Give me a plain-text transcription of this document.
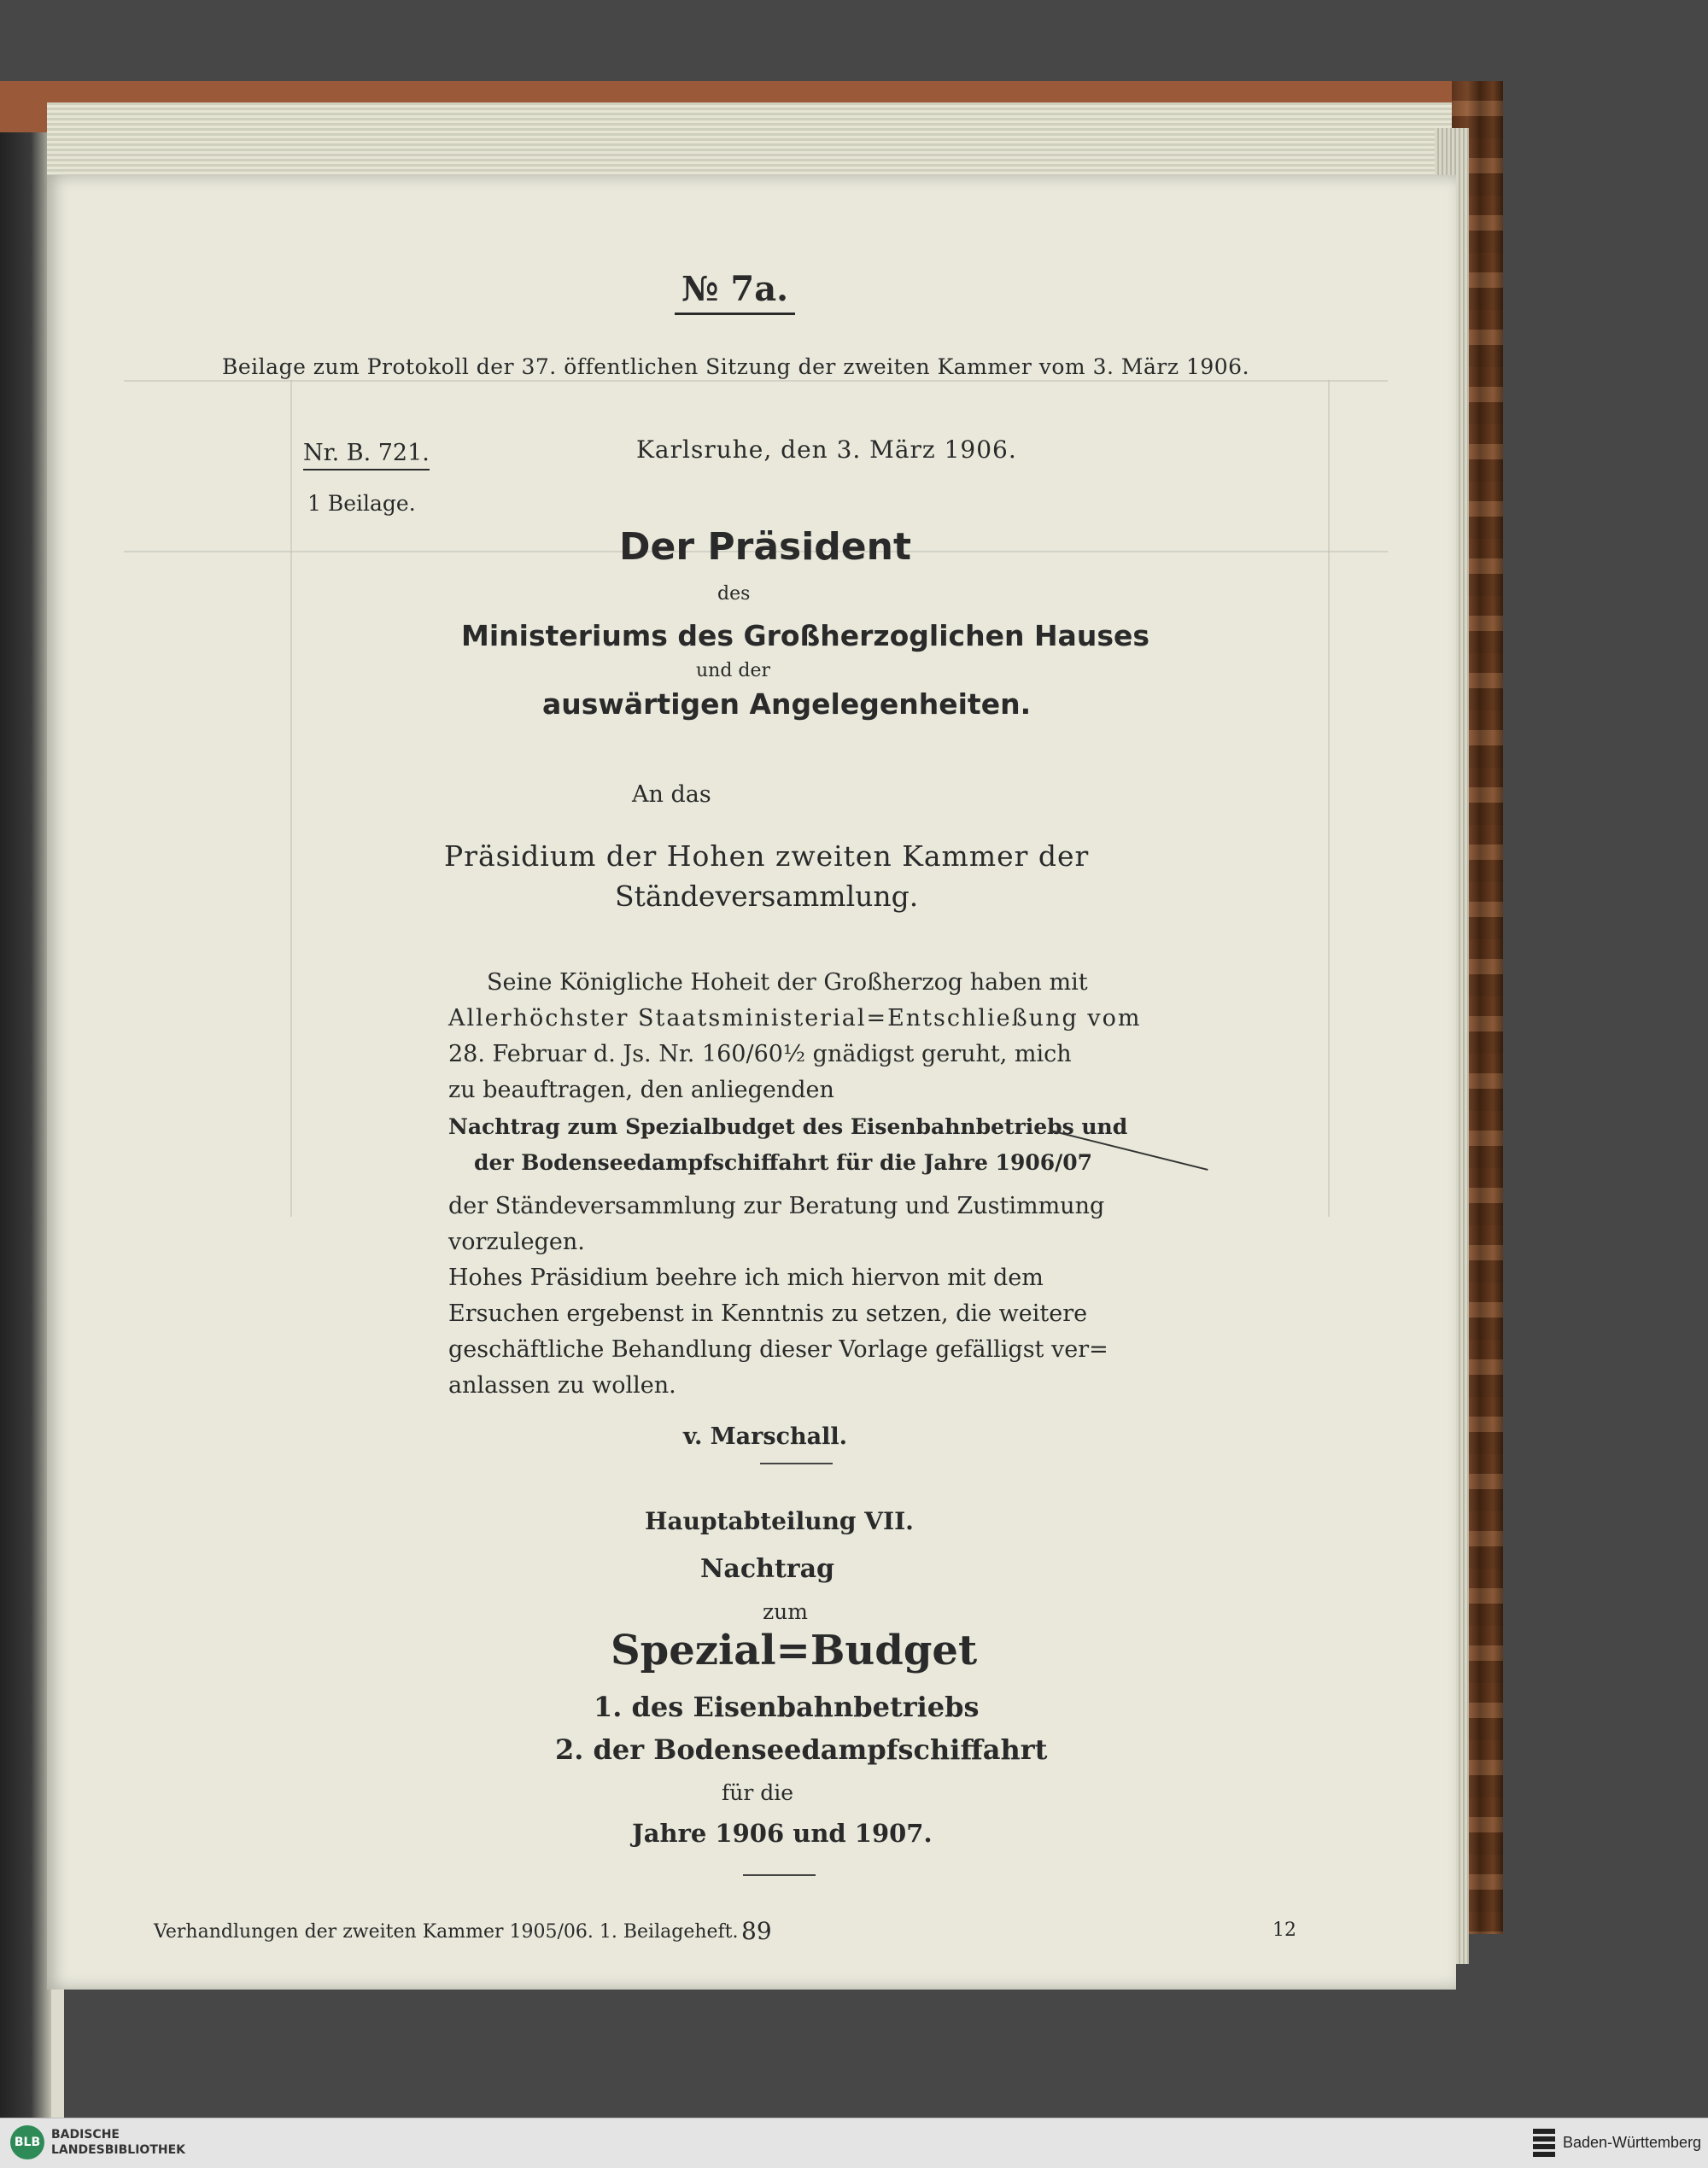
№ 7a.
Beilage zum Protokoll der 37. öffentlichen Sitzung der zweiten Kammer vom 3. März 1906.
Nr. B. 721.
1 Beilage.
Karlsruhe, den 3. März 1906.
Der Präsident
des
Ministeriums des Großherzoglichen Hauses
und der
auswärtigen Angelegenheiten.
An das
Präsidium der Hohen zweiten Kammer der
Ständeversammlung.
Seine Königliche Hoheit der Großherzog haben mit
Allerhöchster Staatsministerial=Entschließung vom
28. Februar d. Js. Nr. 160/60½ gnädigst geruht, mich
zu beauftragen, den anliegenden
Nachtrag zum Spezialbudget des Eisenbahnbetriebs und
der Bodenseedampfschiffahrt für die Jahre 1906/07
der Ständeversammlung zur Beratung und Zustimmung
vorzulegen.
Hohes Präsidium beehre ich mich hiervon mit dem
Ersuchen ergebenst in Kenntnis zu setzen, die weitere
geschäftliche Behandlung dieser Vorlage gefälligst ver=
anlassen zu wollen.
v. Marschall.
Hauptabteilung VII.
Nachtrag
zum
Spezial=Budget
1. des Eisenbahnbetriebs
2. der Bodenseedampfschiffahrt
für die
Jahre 1906 und 1907.
Verhandlungen der zweiten Kammer 1905/06. 1. Beilageheft. 89	12
BLB
BADISCHE
LANDESBIBLIOTHEK	Baden-Württemberg
